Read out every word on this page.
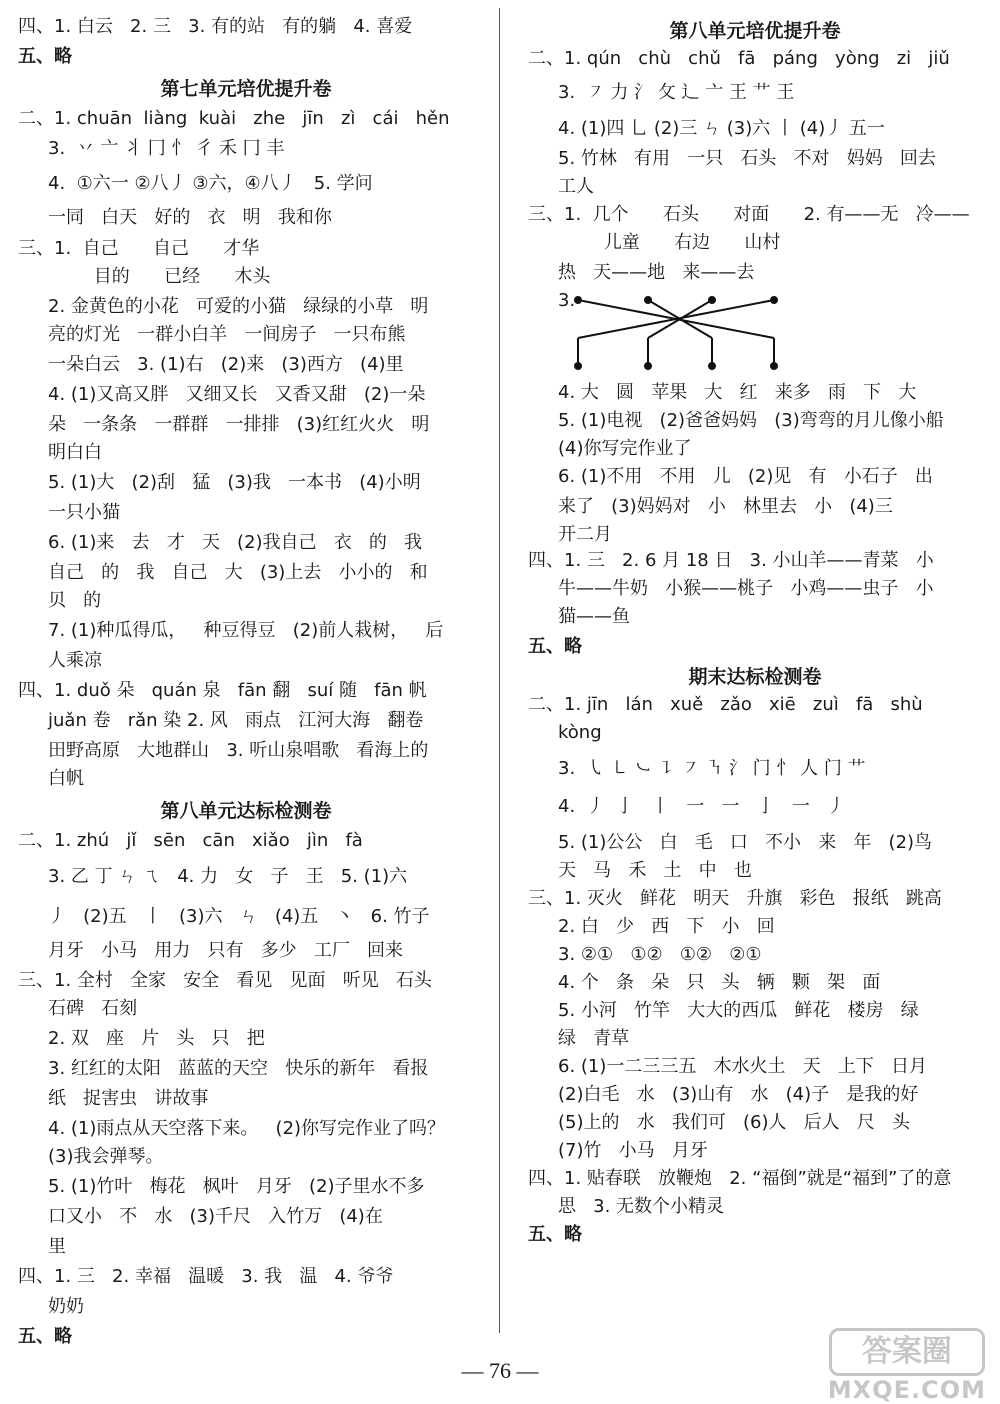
四、1. 白云   2. 三   3. 有的站   有的躺   4. 喜爱
五、略
第七单元培优提升卷
二、1. chuān  liàng  kuài   zhe   jīn   zì   cái   hěn
3.  丷 亠 丬 冂 忄 彳 禾 冂 丰
4.  ①六一 ②八丿 ③六，④八丿   5. 学问
一同   白天   好的   衣   明   我和你
三、1.  自己      自己      才华
目的      已经      木头
2. 金黄色的小花   可爱的小猫   绿绿的小草   明
亮的灯光   一群小白羊   一间房子   一只布熊
一朵白云   3. (1)右   (2)来   (3)西方   (4)里
4. (1)又高又胖   又细又长   又香又甜   (2)一朵
朵   一条条   一群群   一排排   (3)红红火火   明
明白白
5. (1)大   (2)刮   猛   (3)我   一本书   (4)小明
一只小猫
6. (1)来   去   才   天   (2)我自己   衣   的   我
自己   的   我   自己   大   (3)上去   小小的   和
贝   的
7. (1)种瓜得瓜，   种豆得豆   (2)前人栽树，   后
人乘凉
四、1. duǒ 朵   quán 泉   fān 翻   suí 随   fān 帆
juǎn 卷   rǎn 染 2. 风   雨点   江河大海   翻卷
田野高原   大地群山   3. 听山泉唱歌   看海上的
白帆
第八单元达标检测卷
二、1. zhú   jǐ   sēn   cān   xiǎo   jìn   fà
3. 乙 丁 ㄣ ㄟ   4. 力   女   子   王   5. (1)六
丿   (2)五   丨   (3)六   ㄣ   (4)五   丶   6. 竹子
月牙   小马   用力   只有   多少   工厂   回来
三、1. 全村   全家   安全   看见   见面   听见   石头
石碑   石刻
2. 双   座   片   头   只   把
3. 红红的太阳   蓝蓝的天空   快乐的新年   看报
纸   捉害虫   讲故事
4. (1)雨点从天空落下来。   (2)你写完作业了吗？
(3)我会弹琴。
5. (1)竹叶   梅花   枫叶   月牙   (2)子里水不多
口又小   不   水   (3)千尺   入竹万   (4)在
里
四、1. 三   2. 幸福   温暖   3. 我   温   4. 爷爷
奶奶
五、略
第八单元培优提升卷
二、1. qún   chù   chǔ   fā   páng   yòng   zi   jiǔ
3.  ㇇ 力 氵 攵 辶 亠 王 艹 王
4. (1)四 乚 (2)三 ㄣ (3)六 丨 (4)丿 五一
5. 竹林   有用   一只   石头   不对   妈妈   回去
工人
三、1.  几个      石头      对面      2. 有——无   冷——
儿童      右边      山村
热   天——地   来——去
3.
4. 大   圆   苹果   大   红   来多   雨   下   大
5. (1)电视   (2)爸爸妈妈   (3)弯弯的月儿像小船
(4)你写完作业了
6. (1)不用   不用   儿   (2)见   有   小石子   出
来了   (3)妈妈对   小   林里去   小   (4)三
开二月
四、1. 三   2. 6 月 18 日   3. 小山羊——青菜   小
牛——牛奶   小猴——桃子   小鸡——虫子   小
猫——鱼
五、略
期末达标检测卷
二、1. jīn   lán   xuě   zǎo   xiē   zuì   fā   shù
kòng
3.  ㇂ ㇄ ㇃ ㇊ ㇇ ㇎ 氵 门 忄 人 门 艹
4.  丿  亅   丨   一   一   亅   一   丿
5. (1)公公   白   毛   口   不小   来   年   (2)鸟
天   马   禾   土   中   也
三、1. 灭火   鲜花   明天   升旗   彩色   报纸   跳高
2. 白   少   西   下   小   回
3. ②①   ①②   ①②   ②①
4. 个   条   朵   只   头   辆   颗   架   面
5. 小河   竹竿   大大的西瓜   鲜花   楼房   绿
绿   青草
6. (1)一二三三五   木水火土   天   上下   日月
(2)白毛   水   (3)山有   水   (4)子   是我的好
(5)上的   水   我们可   (6)人   后人   尺   头
(7)竹   小马   月牙
四、1. 贴春联   放鞭炮   2. “福倒”就是“福到”了的意
思   3. 无数个小精灵
五、略
— 76 —
答案圈
MXQE.COM
